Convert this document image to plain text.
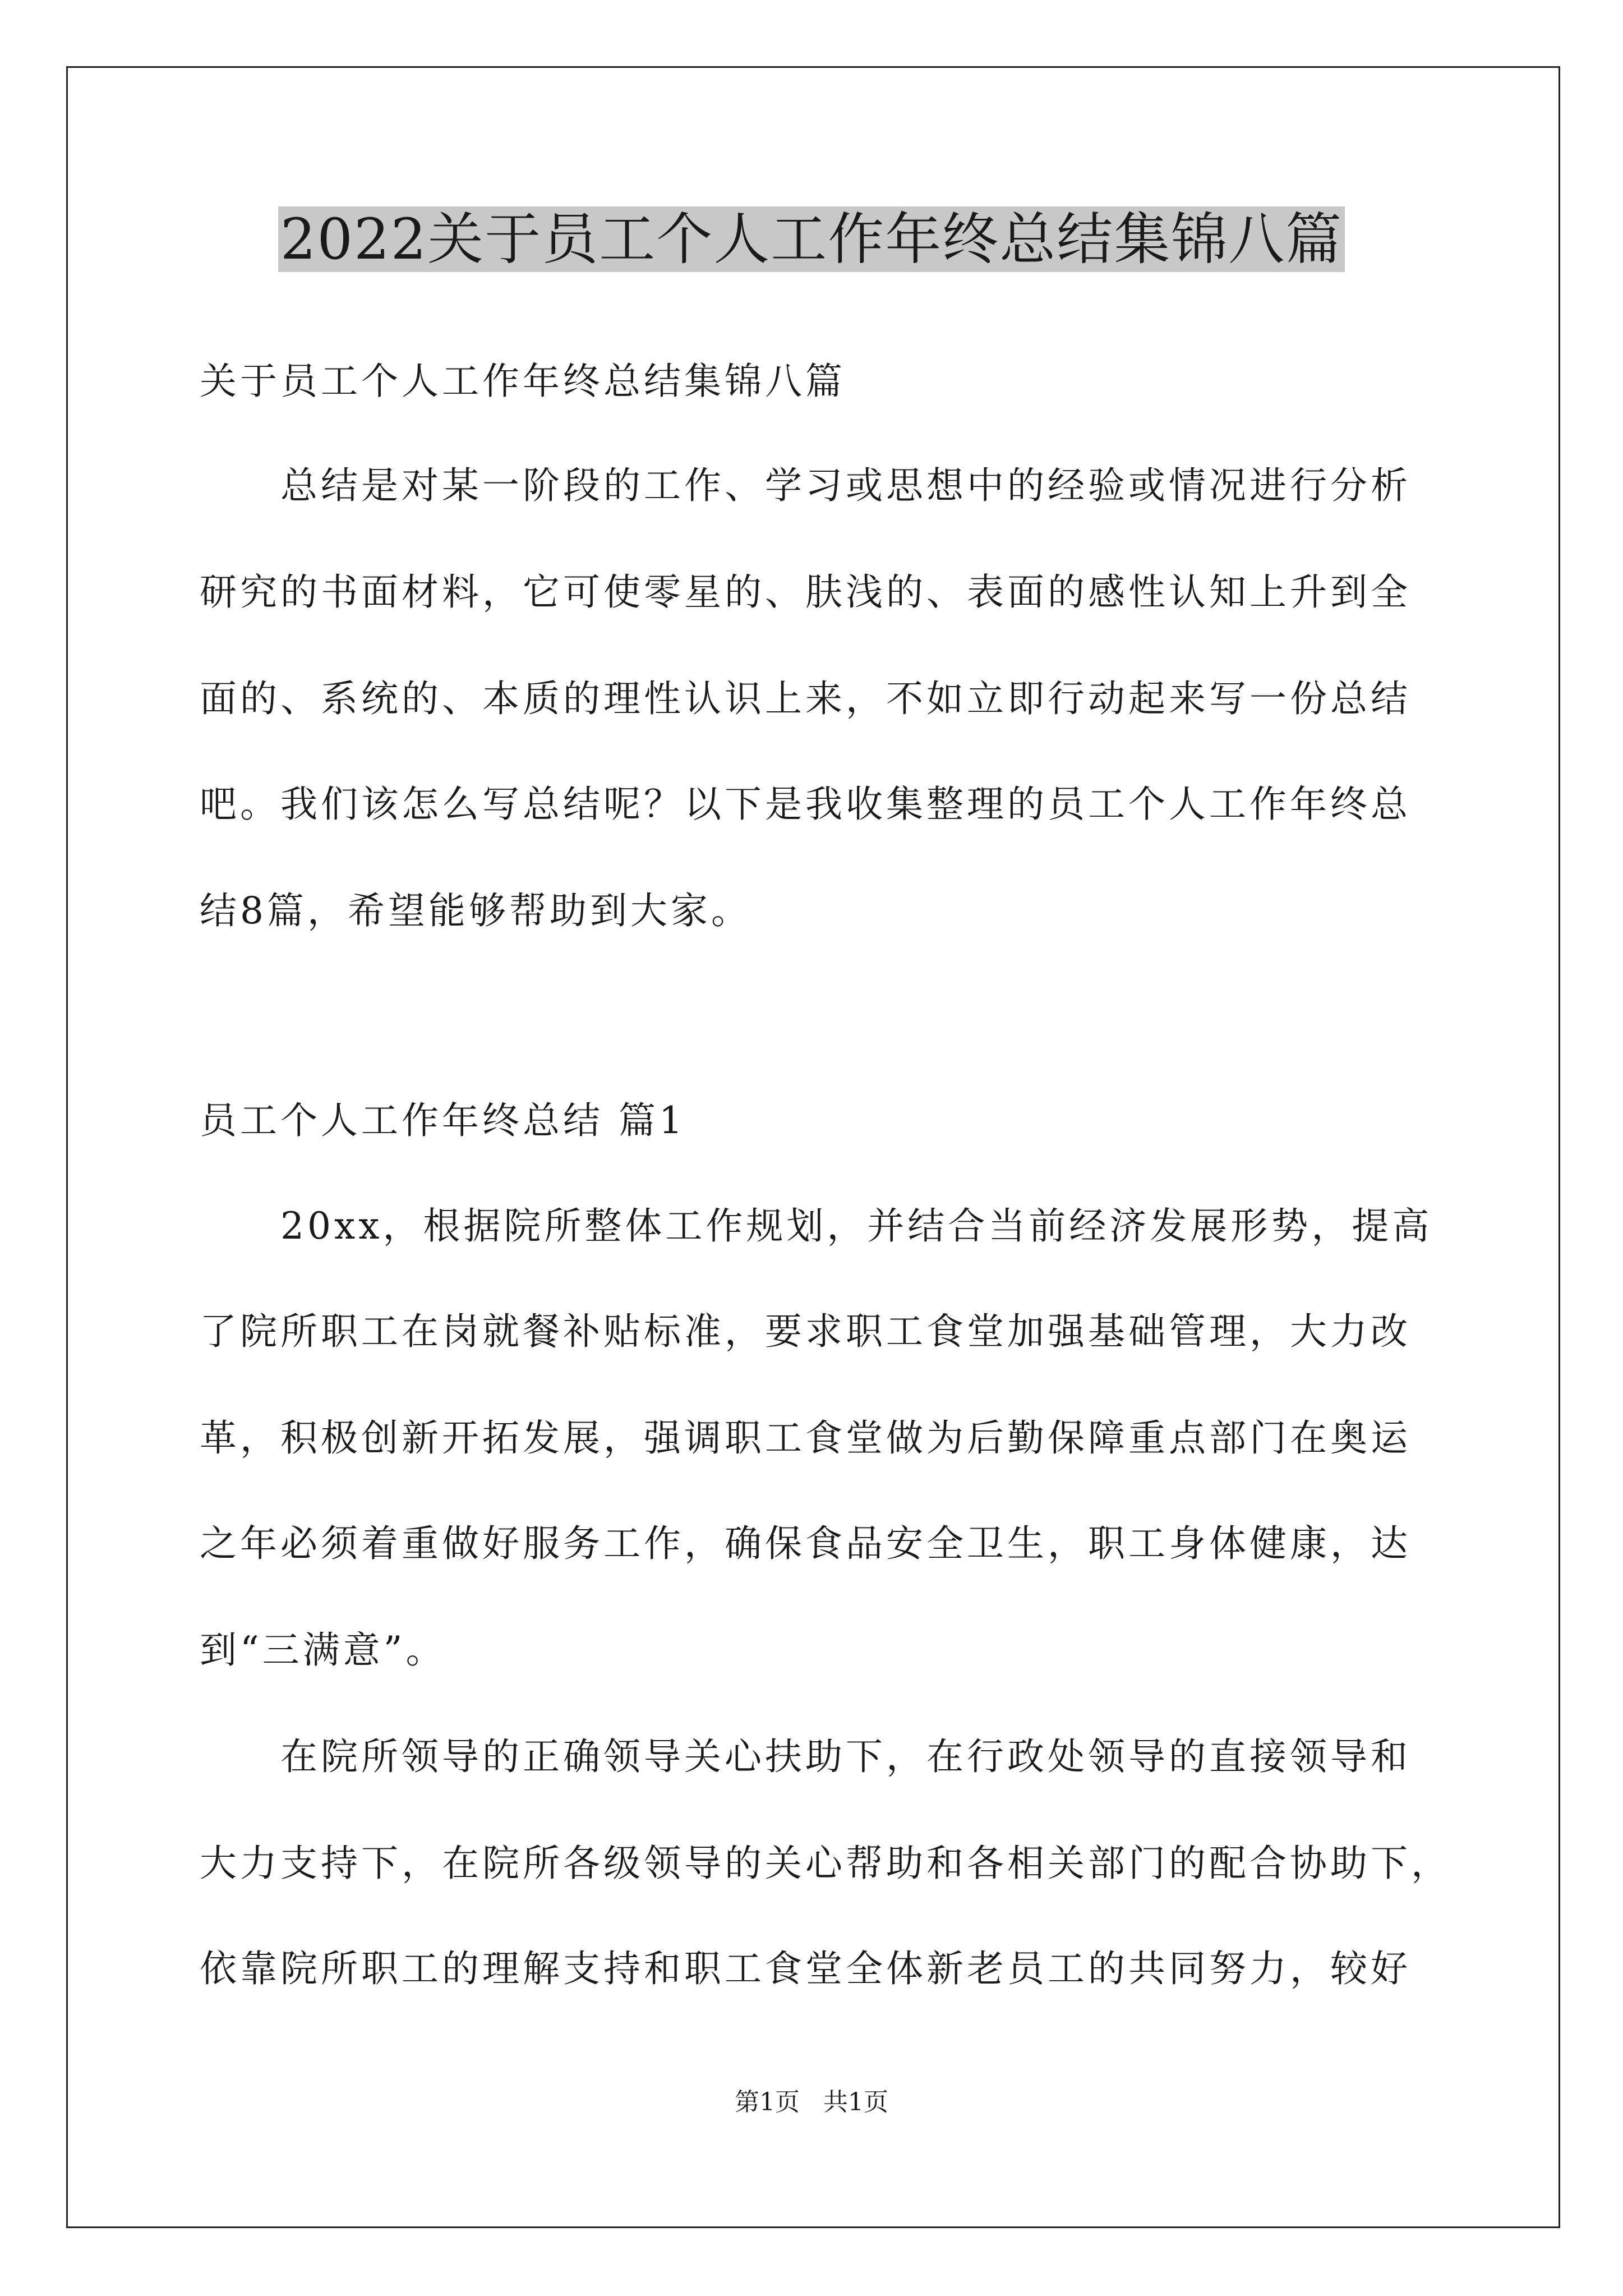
2022关于员工个人工作年终总结集锦八篇
关于员工个人工作年终总结集锦八篇
　　总结是对某一阶段的工作、学习或思想中的经验或情况进行分析
研究的书面材料，它可使零星的、肤浅的、表面的感性认知上升到全
面的、系统的、本质的理性认识上来，不如立即行动起来写一份总结
吧。我们该怎么写总结呢？以下是我收集整理的员工个人工作年终总
结8篇，希望能够帮助到大家。
员工个人工作年终总结 篇1
　　20xx，根据院所整体工作规划，并结合当前经济发展形势，提高
了院所职工在岗就餐补贴标准，要求职工食堂加强基础管理，大力改
革，积极创新开拓发展，强调职工食堂做为后勤保障重点部门在奥运
之年必须着重做好服务工作，确保食品安全卫生，职工身体健康，达
到“三满意”。
　　在院所领导的正确领导关心扶助下，在行政处领导的直接领导和
大力支持下，在院所各级领导的关心帮助和各相关部门的配合协助下，
依靠院所职工的理解支持和职工食堂全体新老员工的共同努力，较好
第1页 共1页
